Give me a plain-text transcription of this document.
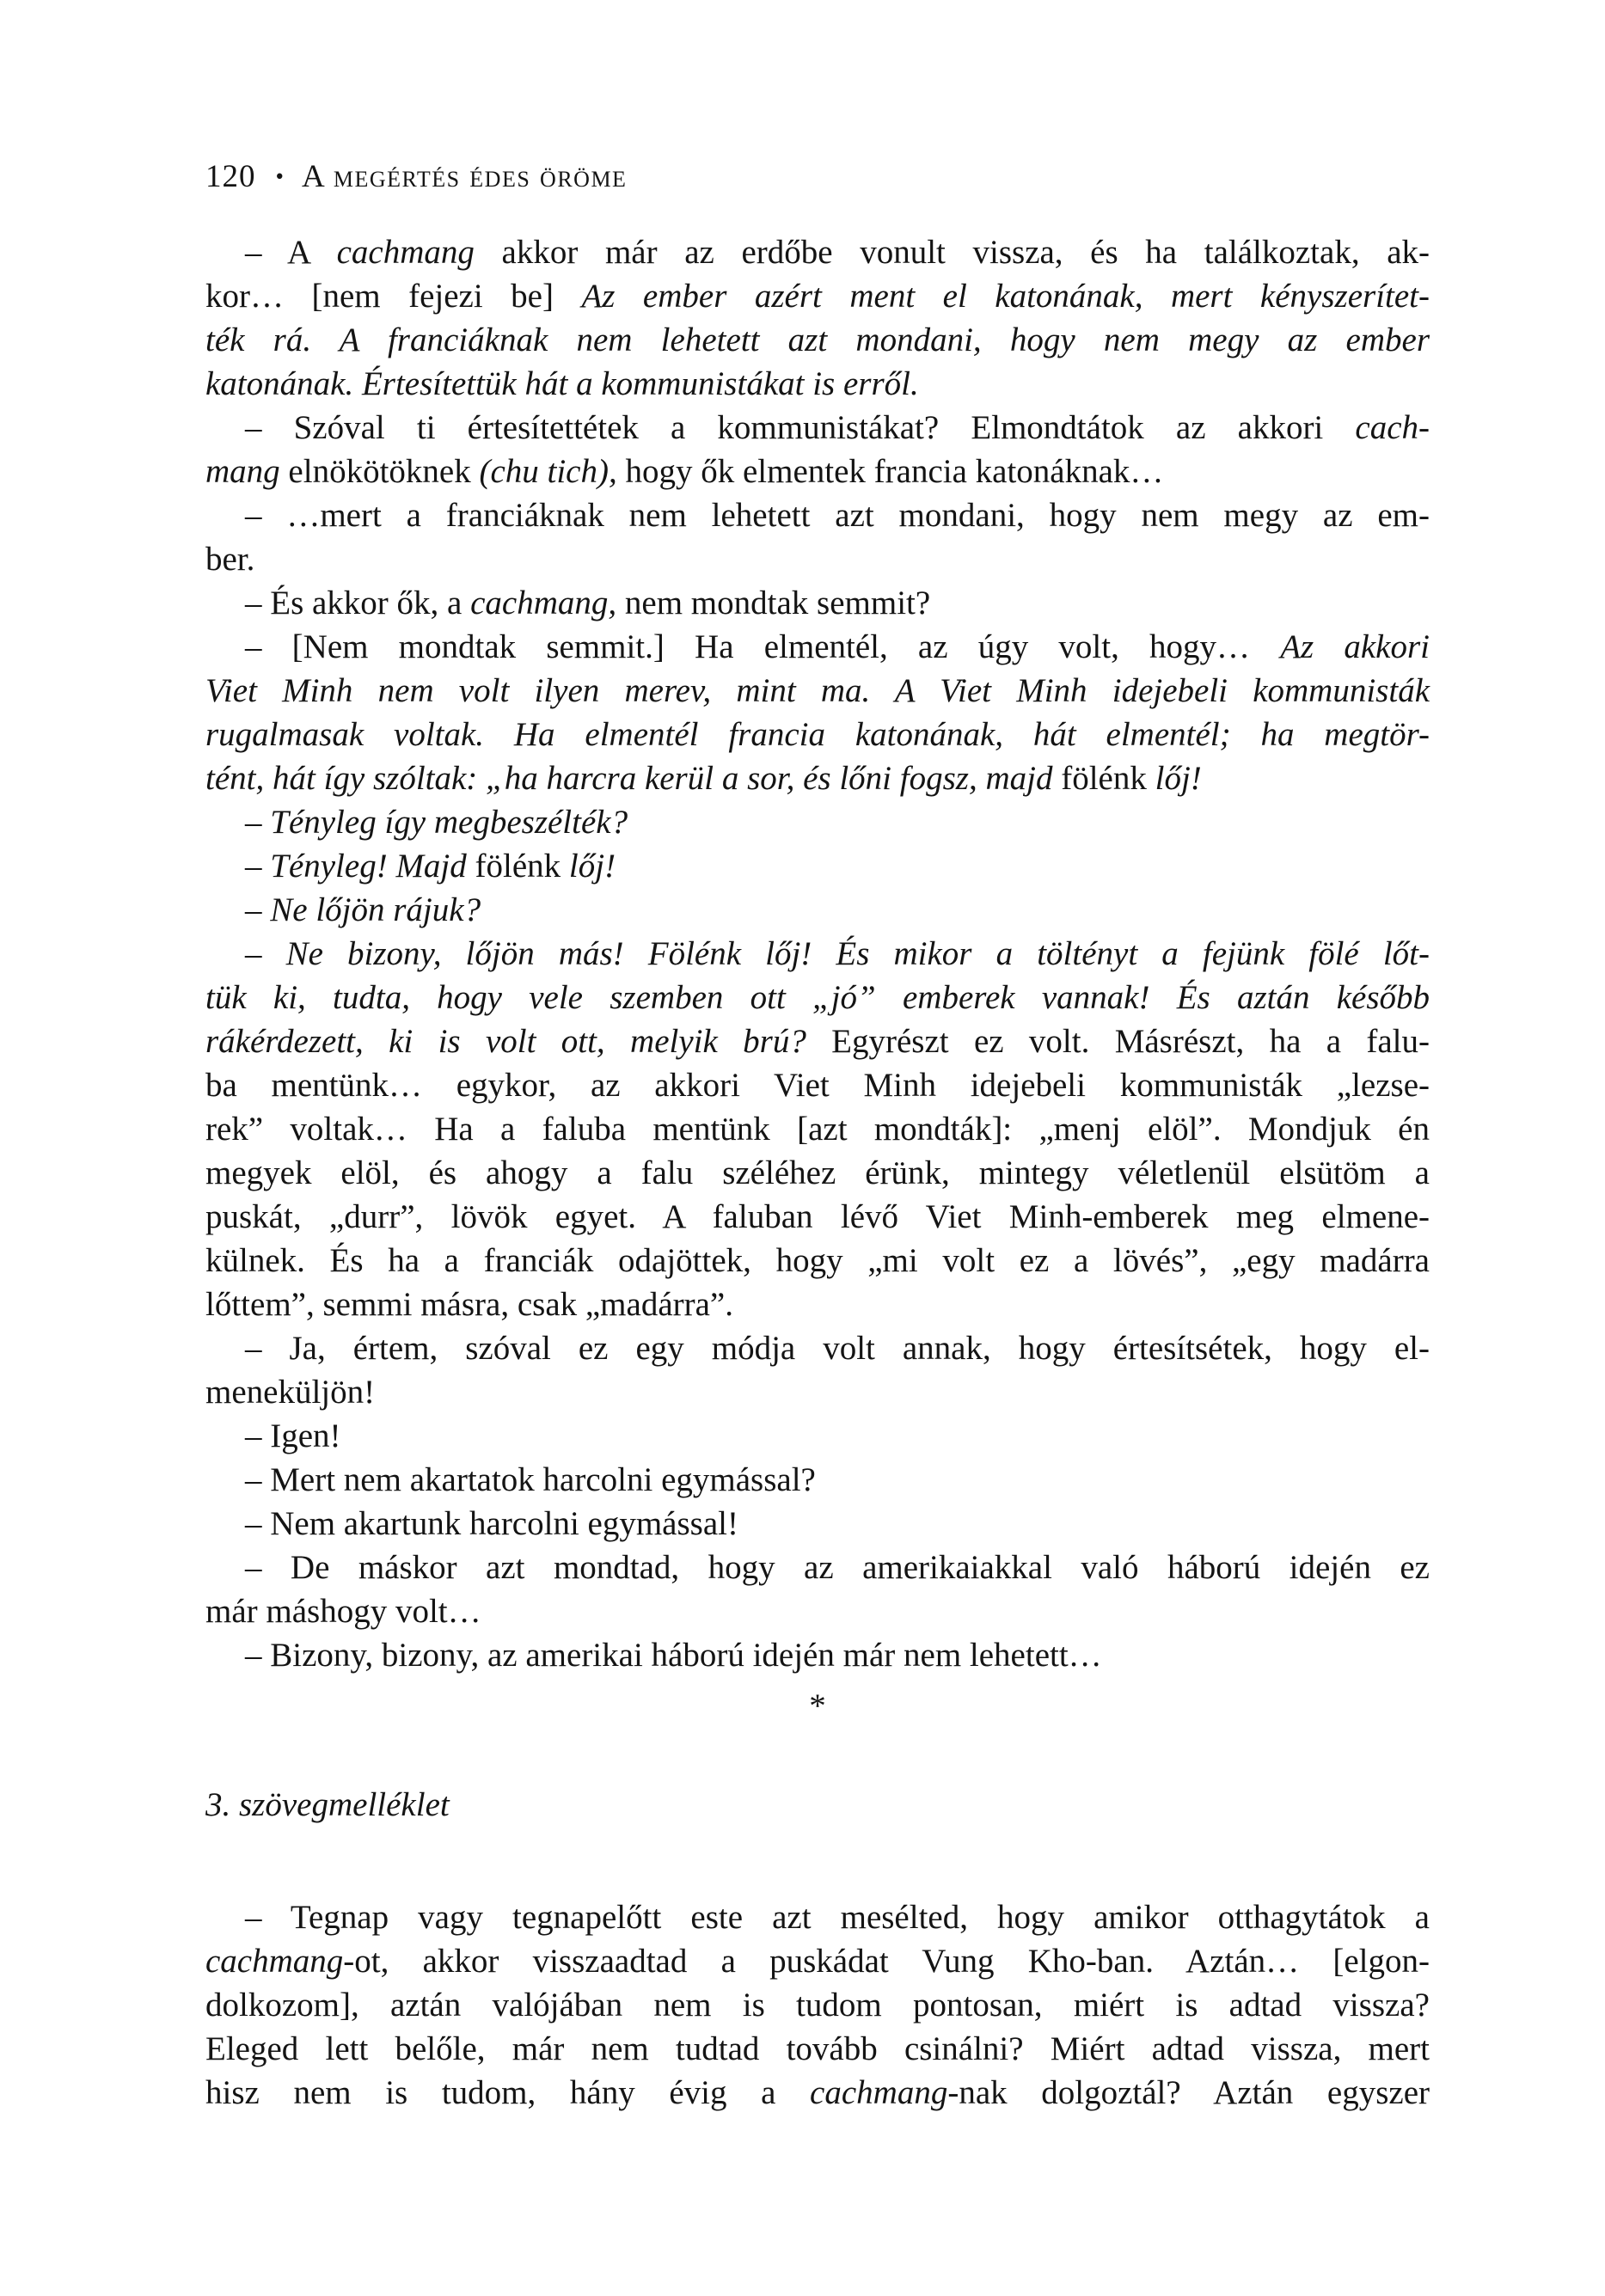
120 • A megértés édes öröme
– A cachmang akkor már az erdőbe vonult vissza, és ha találkoztak, ak-
kor… [nem fejezi be] Az ember azért ment el katonának, mert kényszerítet-
ték rá. A franciáknak nem lehetett azt mondani, hogy nem megy az ember
katonának. Értesítettük hát a kommunistákat is erről.
– Szóval ti értesítettétek a kommunistákat? Elmondtátok az akkori cach-
mang elnökötöknek (chu tich), hogy ők elmentek francia katonáknak…
– …mert a franciáknak nem lehetett azt mondani, hogy nem megy az em-
ber.
– És akkor ők, a cachmang, nem mondtak semmit?
– [Nem mondtak semmit.] Ha elmentél, az úgy volt, hogy… Az akkori
Viet Minh nem volt ilyen merev, mint ma. A Viet Minh idejebeli kommunisták
rugalmasak voltak. Ha elmentél francia katonának, hát elmentél; ha megtör-
tént, hát így szóltak: „ha harcra kerül a sor, és lőni fogsz, majd fölénk lőj!
– Tényleg így megbeszélték?
– Tényleg! Majd fölénk lőj!
– Ne lőjön rájuk?
– Ne bizony, lőjön más! Fölénk lőj! És mikor a töltényt a fejünk fölé lőt-
tük ki, tudta, hogy vele szemben ott „jó” emberek vannak! És aztán később
rákérdezett, ki is volt ott, melyik brú? Egyrészt ez volt. Másrészt, ha a falu-
ba mentünk… egykor, az akkori Viet Minh idejebeli kommunisták „lezse-
rek” voltak… Ha a faluba mentünk [azt mondták]: „menj elöl”. Mondjuk én
megyek elöl, és ahogy a falu széléhez érünk, mintegy véletlenül elsütöm a
puskát, „durr”, lövök egyet. A faluban lévő Viet Minh-emberek meg elmene-
külnek. És ha a franciák odajöttek, hogy „mi volt ez a lövés”, „egy madárra
lőttem”, semmi másra, csak „madárra”.
– Ja, értem, szóval ez egy módja volt annak, hogy értesítsétek, hogy el-
meneküljön!
– Igen!
– Mert nem akartatok harcolni egymással?
– Nem akartunk harcolni egymással!
– De máskor azt mondtad, hogy az amerikaiakkal való háború idején ez
már máshogy volt…
– Bizony, bizony, az amerikai háború idején már nem lehetett…
*
3. szövegmelléklet
– Tegnap vagy tegnapelőtt este azt mesélted, hogy amikor otthagytátok a
cachmang-ot, akkor visszaadtad a puskádat Vung Kho-ban. Aztán… [elgon-
dolkozom], aztán valójában nem is tudom pontosan, miért is adtad vissza?
Eleged lett belőle, már nem tudtad tovább csinálni? Miért adtad vissza, mert
hisz nem is tudom, hány évig a cachmang-nak dolgoztál? Aztán egyszer
